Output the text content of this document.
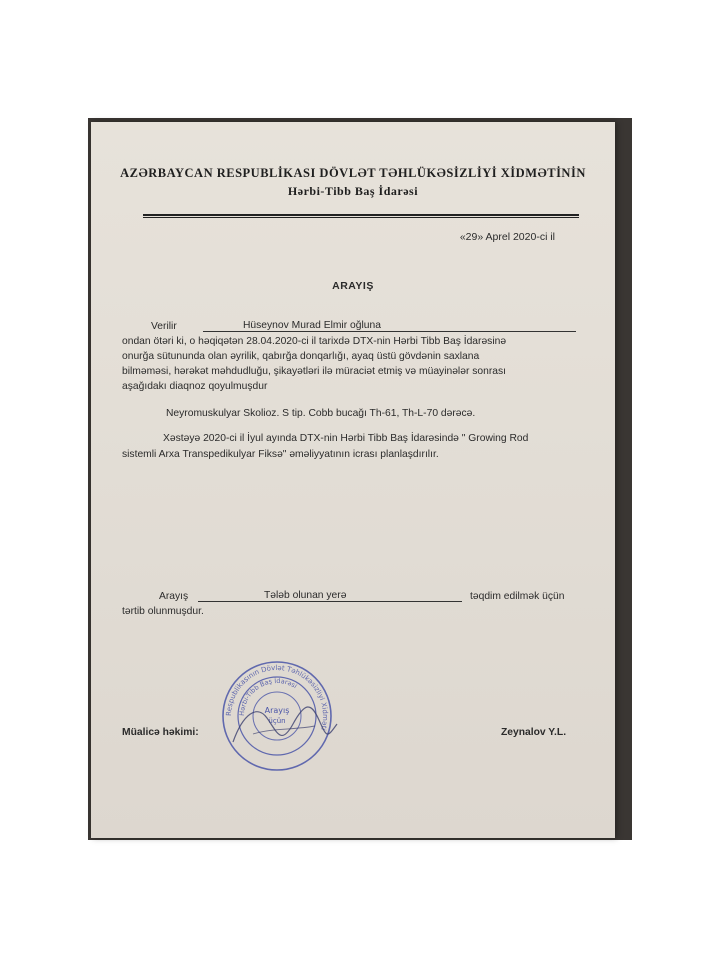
AZƏRBAYCAN RESPUBLİKASI DÖVLƏT TƏHLÜKƏSİZLİYİ XİDMƏTİNİN
Hərbi-Tibb Baş İdarəsi
«29» Aprel 2020-ci il
ARAYIŞ
Verilir	Hüseynov Murad Elmir oğluna
ondan ötəri ki, o həqiqətən 28.04.2020-ci il tarixdə DTX-nin Hərbi Tibb Baş İdarəsinə
onurğa sütununda olan əyrilik, qabırğa donqarlığı, ayaq üstü gövdənin saxlana
bilməməsi, hərəkət məhdudluğu, şikayətləri ilə müraciət etmiş və müayinələr sonrası
aşağıdakı diaqnoz qoyulmuşdur
Neyromuskulyar Skolioz. S tip. Cobb bucağı Th-61, Th-L-70 dərəcə.
Xəstəyə 2020-ci il İyul ayında DTX-nin Hərbi Tibb Baş İdarəsində " Growing Rod
sistemli Arxa Transpedikulyar Fiksə" əməliyyatının icrası planlaşdırılır.
Arayış	Tələb olunan yerə	təqdim edilmək üçün
tərtib olunmuşdur.
Müalicə həkimi:	Zeynalov Y.L.
Respublikasının Dövlət Təhlükəsizliyi Xidməti
Hərbi-Tibb Baş İdarəsi
Arayış
üçün
